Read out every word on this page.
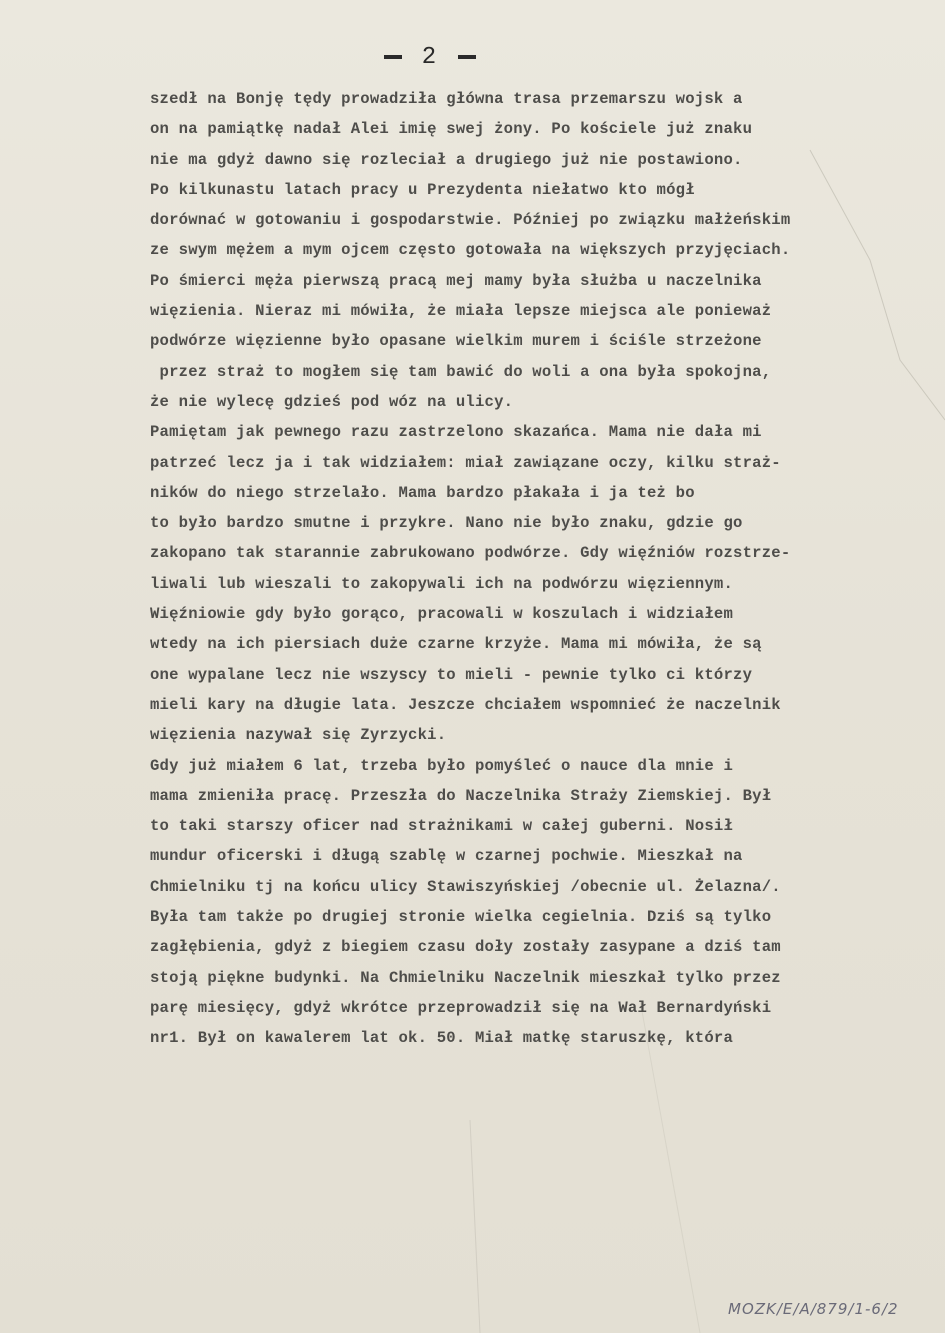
2
szedł na Bonję tędy prowadziła główna trasa przemarszu wojsk a
on na pamiątkę nadał Alei imię swej żony. Po kościele już znaku
nie ma gdyż dawno się rozleciał a drugiego już nie postawiono.
Po kilkunastu latach pracy u Prezydenta niełatwo kto mógł
dorównać w gotowaniu i gospodarstwie. Później po związku małżeńskim
ze swym mężem a mym ojcem często gotowała na większych przyjęciach.
Po śmierci męża pierwszą pracą mej mamy była służba u naczelnika
więzienia. Nieraz mi mówiła, że miała lepsze miejsca ale ponieważ
podwórze więzienne było opasane wielkim murem i ściśle strzeżone
przez straż to mogłem się tam bawić do woli a ona była spokojna,
że nie wylecę gdzieś pod wóz na ulicy.
Pamiętam jak pewnego razu zastrzelono skazańca. Mama nie dała mi
patrzeć lecz ja i tak widziałem: miał zawiązane oczy, kilku straż-
ników do niego strzelało. Mama bardzo płakała i ja też bo
to było bardzo smutne i przykre. Nano nie było znaku, gdzie go
zakopano tak starannie zabrukowano podwórze. Gdy więźniów rozstrze-
liwali lub wieszali to zakopywali ich na podwórzu więziennym.
Więźniowie gdy było gorąco, pracowali w koszulach i widziałem
wtedy na ich piersiach duże czarne krzyże. Mama mi mówiła, że są
one wypalane lecz nie wszyscy to mieli - pewnie tylko ci którzy
mieli kary na długie lata. Jeszcze chciałem wspomnieć że naczelnik
więzienia nazywał się Zyrzycki.
Gdy już miałem 6 lat, trzeba było pomyśleć o nauce dla mnie i
mama zmieniła pracę. Przeszła do Naczelnika Straży Ziemskiej. Był
to taki starszy oficer nad strażnikami w całej guberni. Nosił
mundur oficerski i długą szablę w czarnej pochwie. Mieszkał na
Chmielniku tj na końcu ulicy Stawiszyńskiej /obecnie ul. Żelazna/.
Była tam także po drugiej stronie wielka cegielnia. Dziś są tylko
zagłębienia, gdyż z biegiem czasu doły zostały zasypane a dziś tam
stoją piękne budynki. Na Chmielniku Naczelnik mieszkał tylko przez
parę miesięcy, gdyż wkrótce przeprowadził się na Wał Bernardyński
nr1. Był on kawalerem lat ok. 50. Miał matkę staruszkę, która
MOZK/E/A/879/1-6/2
